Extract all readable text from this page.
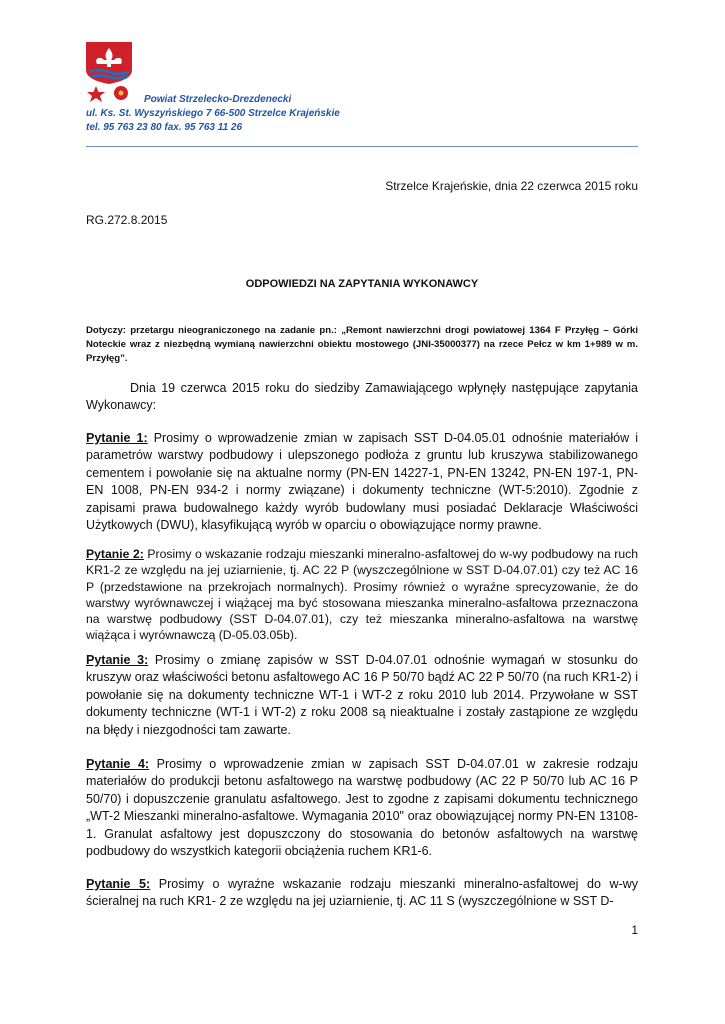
Powiat Strzelecko-Drezdenecki
ul. Ks. St. Wyszyńskiego 7 66-500 Strzelce Krajeńskie
tel. 95 763 23 80 fax. 95 763 11 26
Strzelce Krajeńskie, dnia 22 czerwca 2015 roku
RG.272.8.2015
ODPOWIEDZI NA ZAPYTANIA WYKONAWCY
Dotyczy: przetargu nieograniczonego na zadanie pn.: „Remont nawierzchni drogi powiatowej 1364 F Przyłęg – Górki Noteckie wraz z niezbędną wymianą nawierzchni obiektu mostowego (JNI-35000377) na rzece Pełcz w km 1+989 w m. Przyłęg”.
Dnia 19 czerwca 2015 roku do siedziby Zamawiającego wpłynęły następujące zapytania Wykonawcy:
Pytanie 1: Prosimy o wprowadzenie zmian w zapisach SST D-04.05.01 odnośnie materiałów i parametrów warstwy podbudowy i ulepszonego podłoża z gruntu lub kruszywa stabilizowanego cementem i powołanie się na aktualne normy (PN-EN 14227-1, PN-EN 13242, PN-EN 197-1, PN-EN 1008, PN-EN 934-2 i normy związane) i dokumenty techniczne (WT-5:2010). Zgodnie z zapisami prawa budowalnego każdy wyrób budowlany musi posiadać Deklaracje Właściwości Użytkowych (DWU), klasyfikującą wyrób w oparciu o obowiązujące normy prawne.
Pytanie 2: Prosimy o wskazanie rodzaju mieszanki mineralno-asfaltowej do w-wy podbudowy na ruch KR1-2 ze względu na jej uziarnienie, tj. AC 22 P (wyszczególnione w SST D-04.07.01) czy też AC 16 P (przedstawione na przekrojach normalnych). Prosimy również o wyraźne sprecyzowanie, że do warstwy wyrównawczej i wiążącej ma być stosowana mieszanka mineralno-asfaltowa przeznaczona na warstwę podbudowy (SST D-04.07.01), czy też mieszanka mineralno-asfaltowa na warstwę wiążąca i wyrównawczą (D-05.03.05b).
Pytanie 3: Prosimy o zmianę zapisów w SST D-04.07.01 odnośnie wymagań w stosunku do kruszyw oraz właściwości betonu asfaltowego AC 16 P 50/70 bądź AC 22 P 50/70 (na ruch KR1-2) i powołanie się na dokumenty techniczne WT-1 i WT-2 z roku 2010 lub 2014. Przywołane w SST dokumenty techniczne (WT-1 i WT-2) z roku 2008 są nieaktualne i zostały zastąpione ze względu na błędy i niezgodności tam zawarte.
Pytanie 4: Prosimy o wprowadzenie zmian w zapisach SST D-04.07.01 w zakresie rodzaju materiałów do produkcji betonu asfaltowego na warstwę podbudowy (AC 22 P 50/70 lub AC 16 P 50/70) i dopuszczenie granulatu asfaltowego. Jest to zgodne z zapisami dokumentu technicznego „WT-2 Mieszanki mineralno-asfaltowe. Wymagania 2010" oraz obowiązującej normy PN-EN 13108-1. Granulat asfaltowy jest dopuszczony do stosowania do betonów asfaltowych na warstwę podbudowy do wszystkich kategorii obciążenia ruchem KR1-6.
Pytanie 5: Prosimy o wyraźne wskazanie rodzaju mieszanki mineralno-asfaltowej do w-wy ścieralnej na ruch KR1- 2 ze względu na jej uziarnienie, tj. AC 11 S (wyszczególnione w SST D-
1
